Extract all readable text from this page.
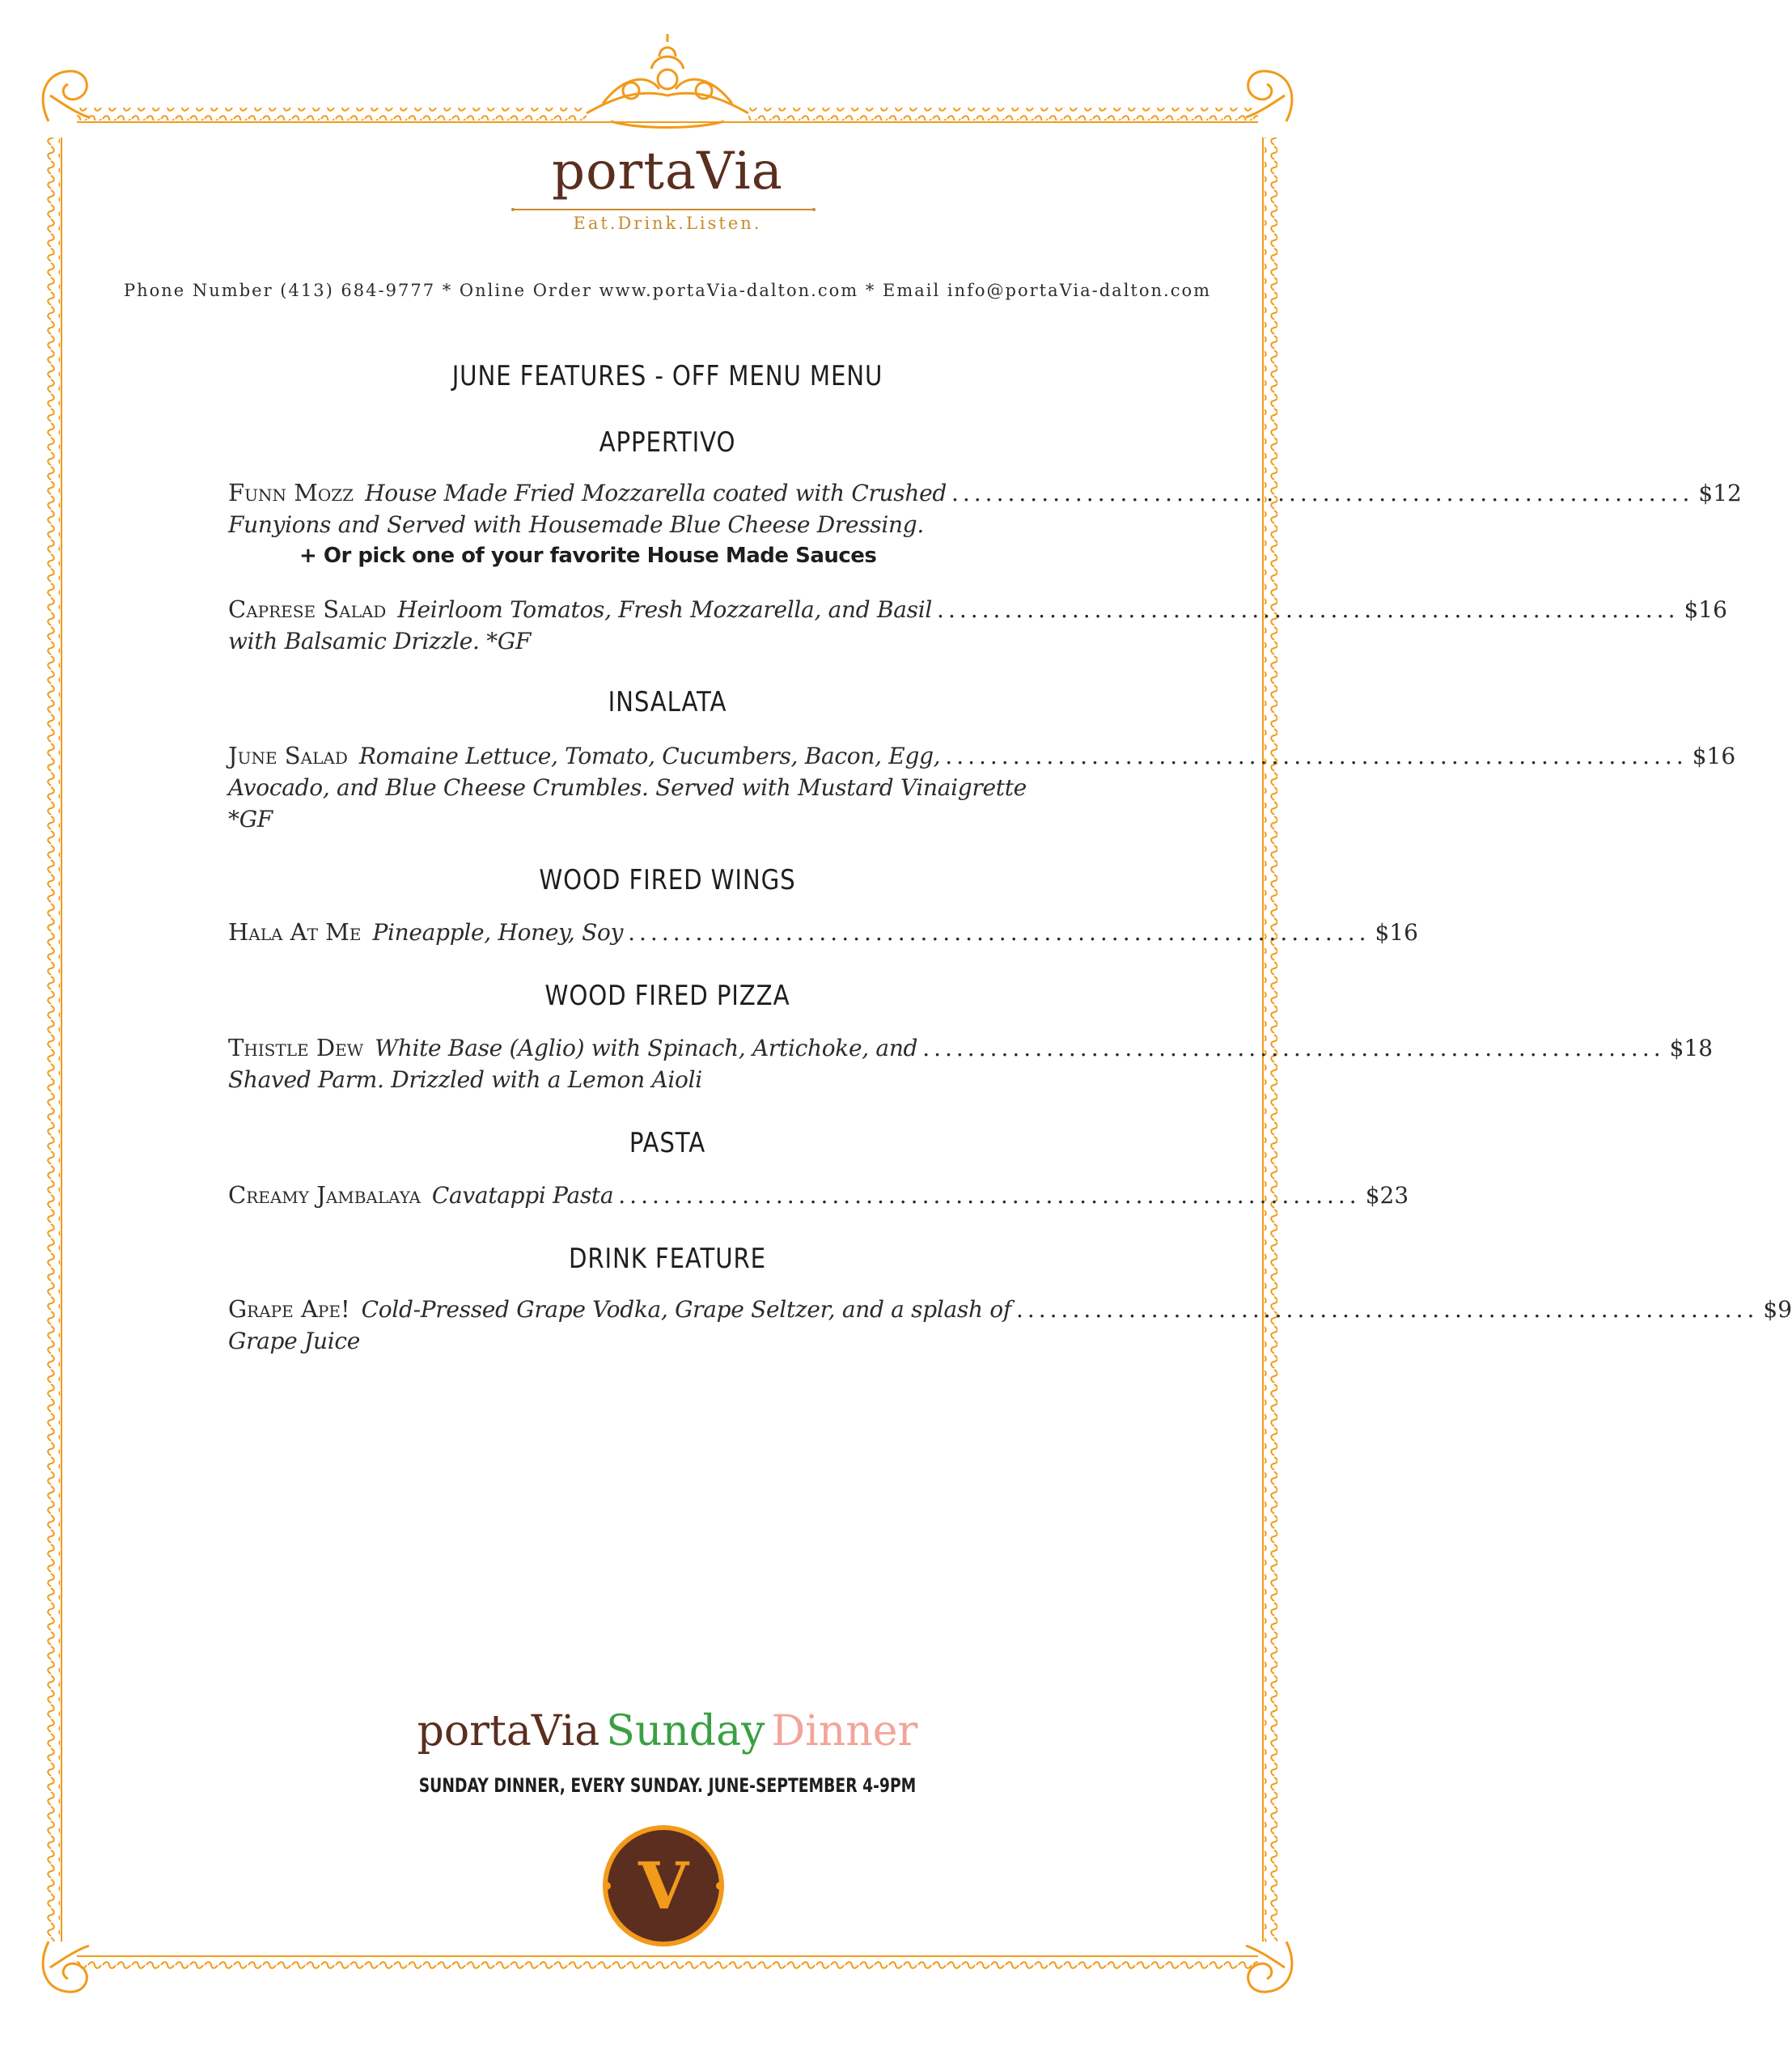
portaVia
Eat.Drink.Listen.
Phone Number (413) 684-9777 * Online Order www.portaVia-dalton.com * Email info@portaVia-dalton.com
JUNE FEATURES - OFF MENU MENU
APPERTIVO
Funn Mozz House Made Fried Mozzarella coated with Crushed .................................................................. $12
Funyions and Served with Housemade Blue Cheese Dressing.
+ Or pick one of your favorite House Made Sauces
Caprese Salad Heirloom Tomatos, Fresh Mozzarella, and Basil .................................................................. $16
with Balsamic Drizzle. *GF
INSALATA
June Salad Romaine Lettuce, Tomato, Cucumbers, Bacon, Egg, .................................................................. $16
Avocado, and Blue Cheese Crumbles. Served with Mustard Vinaigrette
*GF
WOOD FIRED WINGS
Hala At Me Pineapple, Honey, Soy .................................................................. $16
WOOD FIRED PIZZA
Thistle Dew White Base (Aglio) with Spinach, Artichoke, and .................................................................. $18
Shaved Parm. Drizzled with a Lemon Aioli
PASTA
Creamy Jambalaya Cavatappi Pasta .................................................................. $23
DRINK FEATURE
Grape Ape! Cold-Pressed Grape Vodka, Grape Seltzer, and a splash of .................................................................. $9
Grape Juice
portaVia Sunday Dinner
SUNDAY DINNER, EVERY SUNDAY. JUNE-SEPTEMBER 4-9PM
V
